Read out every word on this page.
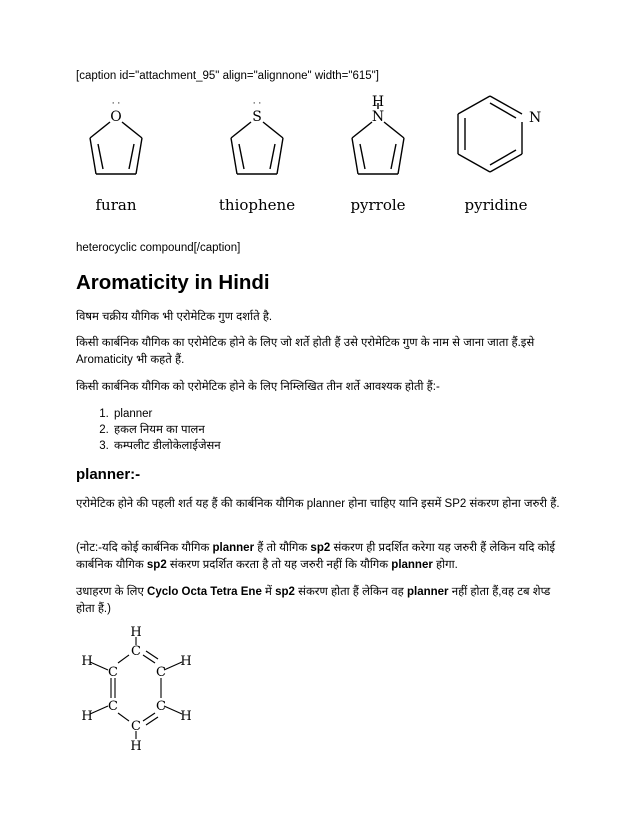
[caption id="attachment_95" align="alignnone" width="615"]

O
· ·
S
· ·
N
H
N
furan	thiophene	pyrrole	pyridine

heterocyclic compound[/caption]

Aromaticity in Hindi

विषम चक्रीय यौगिक भी एरोमेटिक गुण दर्शाते है.

किसी कार्बनिक यौगिक का एरोमेटिक होने के लिए जो शर्ते होती हैं उसे एरोमेटिक गुण के नाम से जाना जाता हैं.इसे Aromaticity भी कहते हैं.

किसी कार्बनिक यौगिक को एरोमेटिक होने के लिए निम्लिखित तीन शर्ते आवश्यक होती हैं:-

1. planner
2. हकल नियम का पालन
3. कम्पलीट डीलोकेलाईजेसन
planner:-

एरोमेटिक होने की पहली शर्त यह हैं की कार्बनिक यौगिक planner होना चाहिए यानि इसमें SP2 संकरण होना जरुरी हैं.

(नोट:-यदि कोई कार्बनिक यौगिक planner हैं तो यौगिक sp2 संकरण ही प्रदर्शित करेगा यह जरुरी हैं लेकिन यदि कोई कार्बनिक यौगिक sp2 संकरण प्रदर्शित करता है तो यह जरुरी नहीं कि यौगिक planner होगा.

उधाहरण के लिए Cyclo Octa Tetra Ene में sp2 संकरण होता हैं लेकिन वह planner नहीं होता हैं,वह टब शेप्ड होता हैं.)

H
C
H
C	C
H
H
C	C
H
C
H
